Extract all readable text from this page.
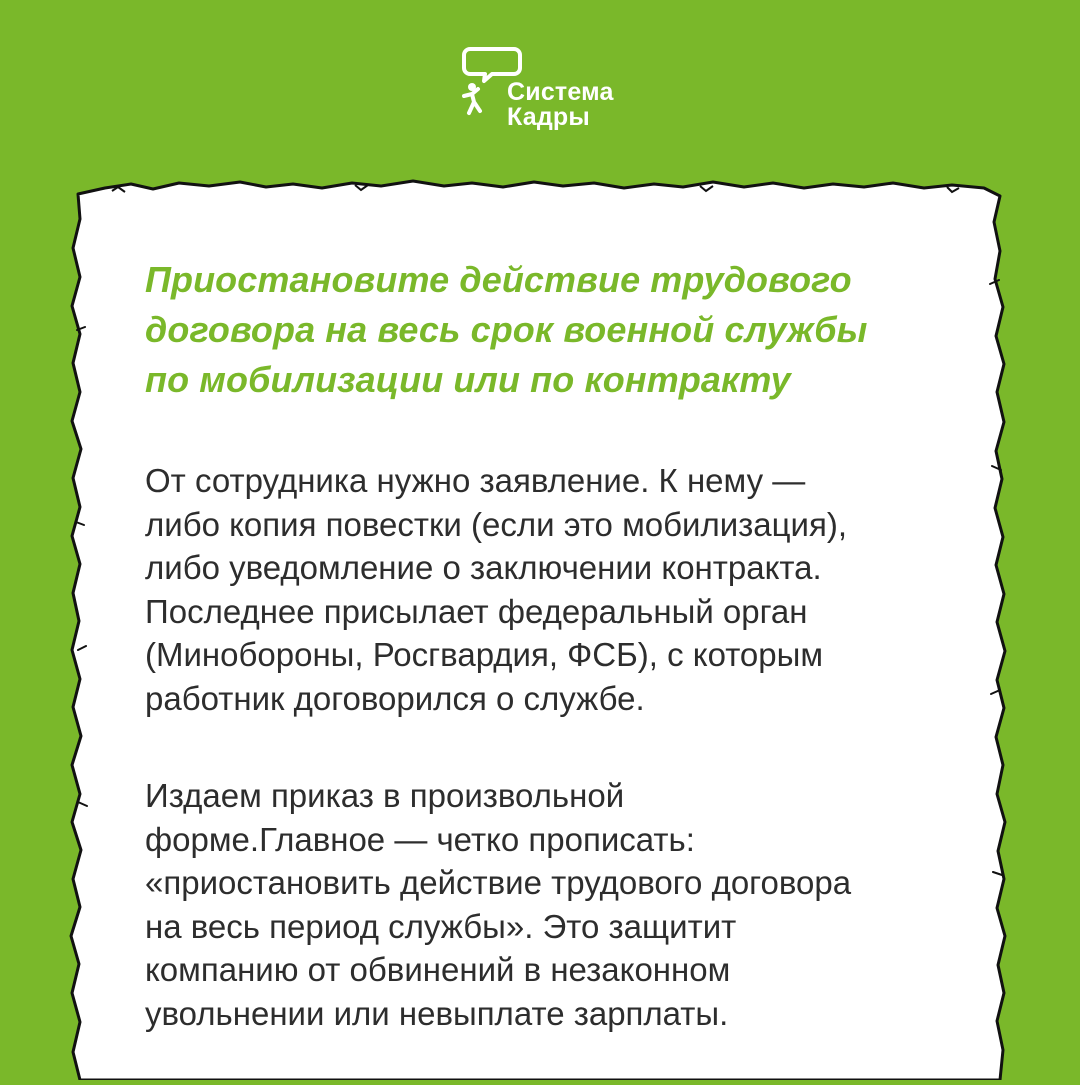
Система
Кадры
Приостановите действие трудового
договора на весь срок военной службы
по мобилизации или по контракту

От сотрудника нужно заявление. К нему —
либо копия повестки (если это мобилизация),
либо уведомление о заключении контракта.
Последнее присылает федеральный орган
(Минобороны, Росгвардия, ФСБ), с которым
работник договорился о службе.

Издаем приказ в произвольной
форме.Главное — четко прописать:
«приостановить действие трудового договора
на весь период службы». Это защитит
компанию от обвинений в незаконном
увольнении или невыплате зарплаты.
